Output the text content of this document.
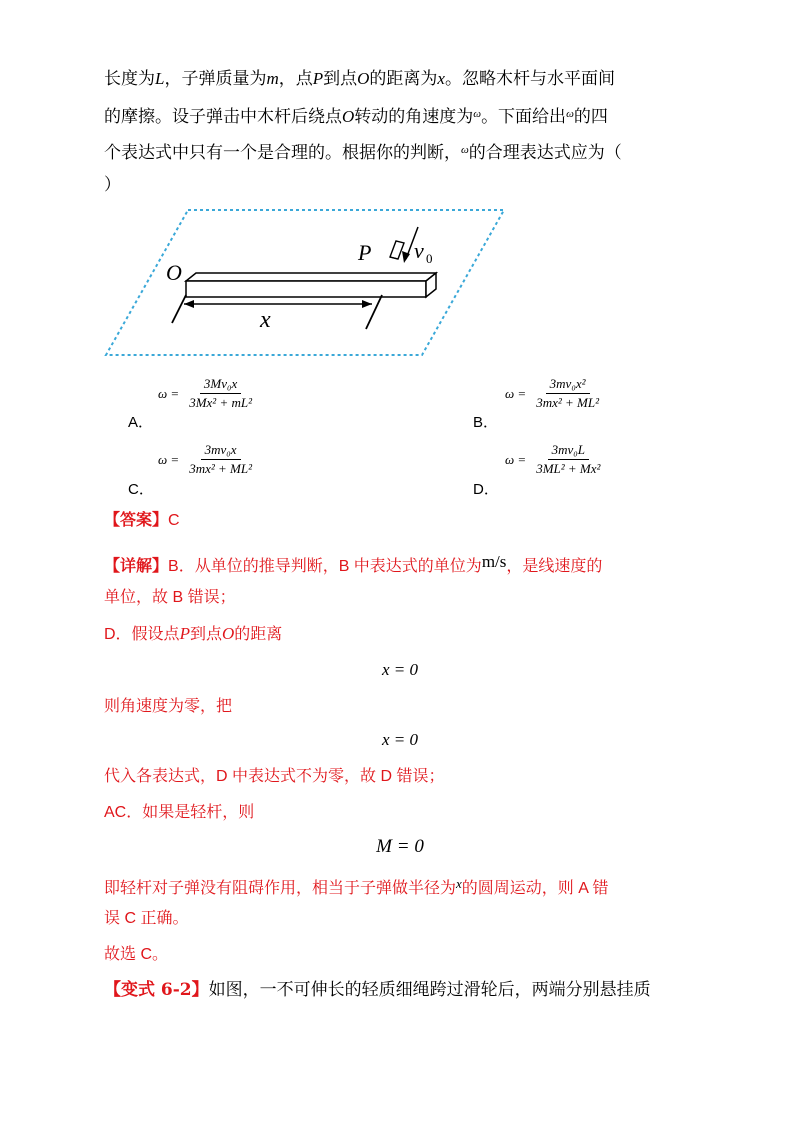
长度为L，子弹质量为m，点P到点O的距离为x。忽略木杆与水平面间
的摩擦。设子弹击中木杆后绕点O转动的角速度为$^\omega$。下面给出$^\omega$的四
个表达式中只有一个是合理的。根据你的判断，$^\omega$的合理表达式应为（
）
O
P v 0
x
A．
$\omega = \frac{\text{3Mv₀x}}{\text{3Mx² + mL²}}$
B．
$\omega = \frac{\text{3mv₀x²}}{\text{3mx² + ML²}}$
C．
$\omega = \frac{\text{3mv₀x}}{\text{3mx² + ML²}}$
D．
$\omega = \frac{\text{3mv₀L}}{\text{3ML² + Mx²}}$
【答案】C
【详解】B．从单位的推导判断，B 中表达式的单位为m/s，是线速度的
单位，故 B 错误；
D．假设点P到点O的距离
x = 0
则角速度为零，把
x = 0
代入各表达式，D 中表达式不为零，故 D 错误；
AC．如果是轻杆，则
M = 0
即轻杆对子弹没有阻碍作用，相当于子弹做半径为$^x$的圆周运动，则 A 错
误 C 正确。
故选 C。
【变式 6-2】如图，一不可伸长的轻质细绳跨过滑轮后，两端分别悬挂质
